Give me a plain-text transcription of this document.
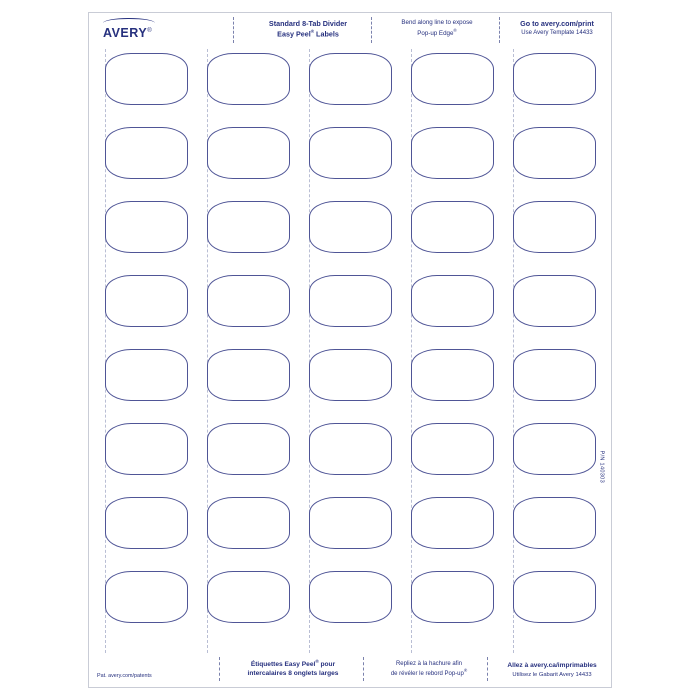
AVERY®
Standard 8-Tab Divider
Easy Peel® Labels
Bend along line to expose
Pop-up Edge®
Go to avery.com/print
Use Avery Template 14433
P/N 140303
Pat. avery.com/patents
Étiquettes Easy Peel® pour
intercalaires 8 onglets larges
Repliez à la hachure afin
de révéler le rebord Pop-up®
Allez à avery.ca/imprimables
Utilisez le Gabarit Avery 14433
